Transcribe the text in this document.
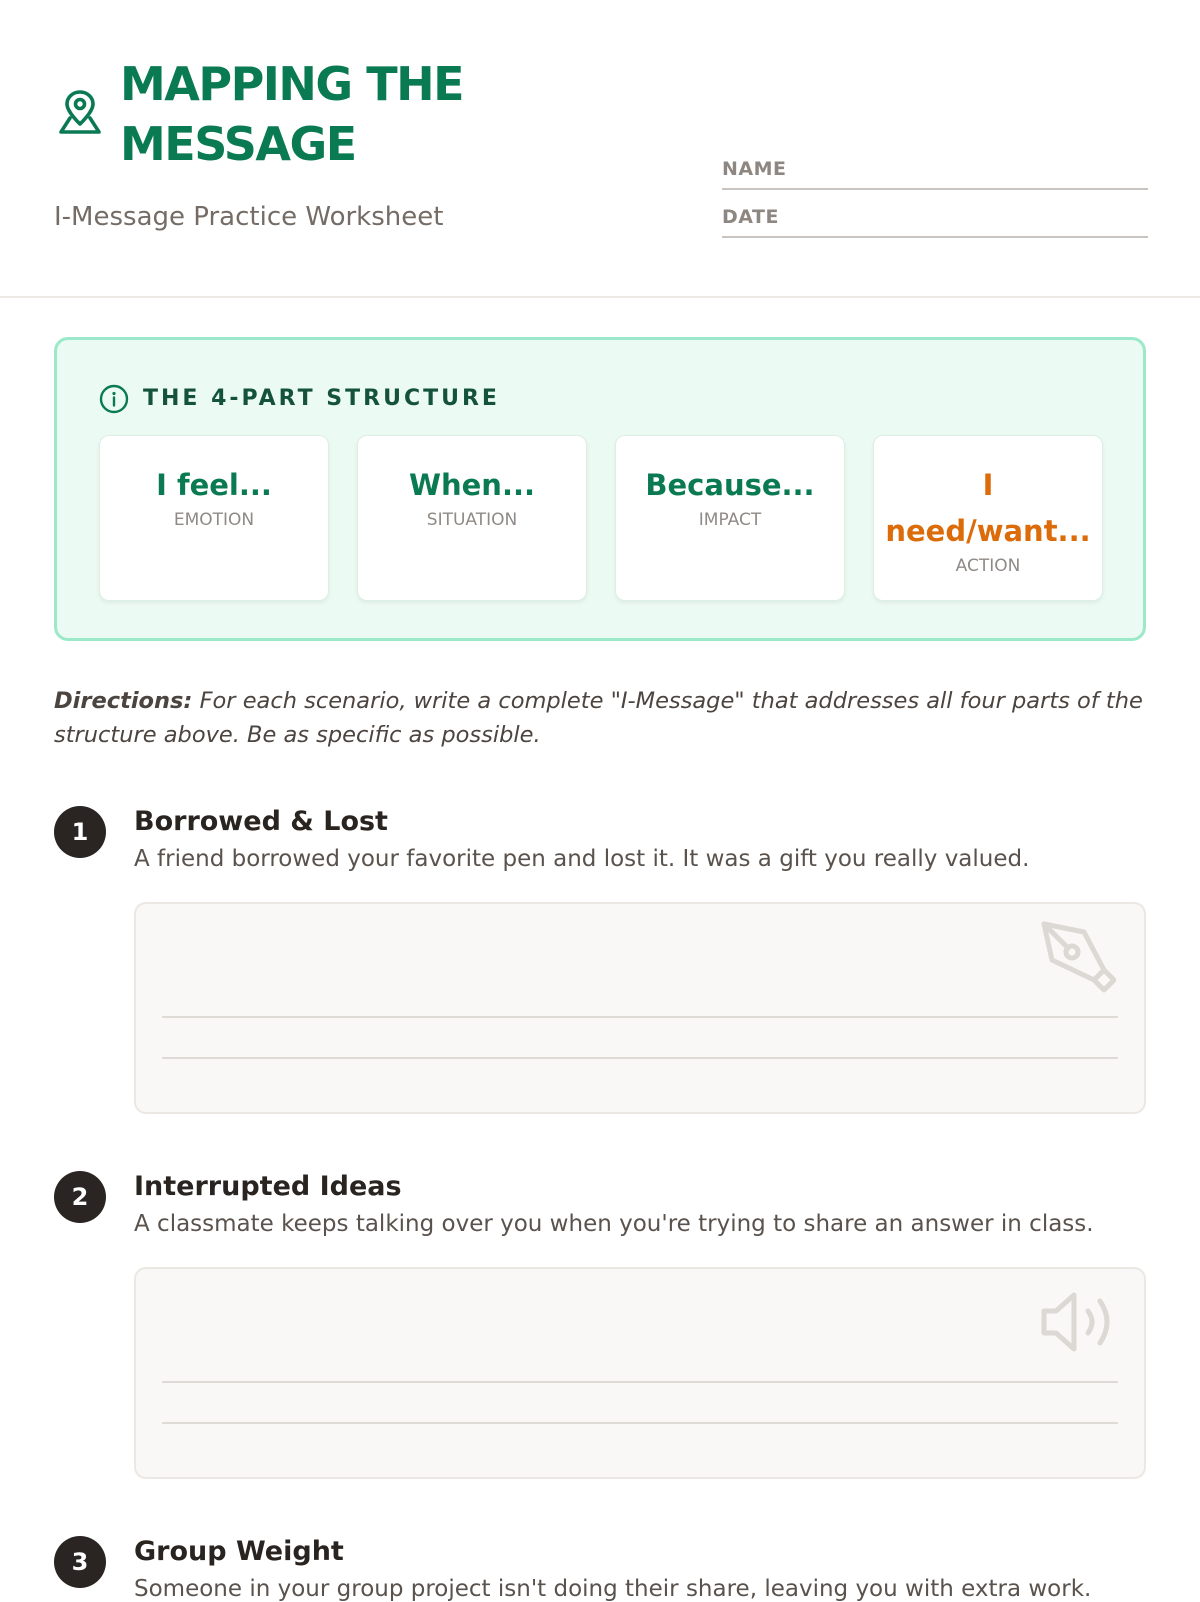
MAPPING THE
MESSAGE
I-Message Practice Worksheet
NAME
DATE
THE 4-PART STRUCTURE
I feel...
EMOTION
When...
SITUATION
Because...
IMPACT
I need/want...
ACTION
Directions: For each scenario, write a complete "I-Message" that addresses all four parts of the structure above. Be as specific as possible.
1	Borrowed & Lost
A friend borrowed your favorite pen and lost it. It was a gift you really valued.
2	Interrupted Ideas
A classmate keeps talking over you when you're trying to share an answer in class.
3	Group Weight
Someone in your group project isn't doing their share, leaving you with extra work.
